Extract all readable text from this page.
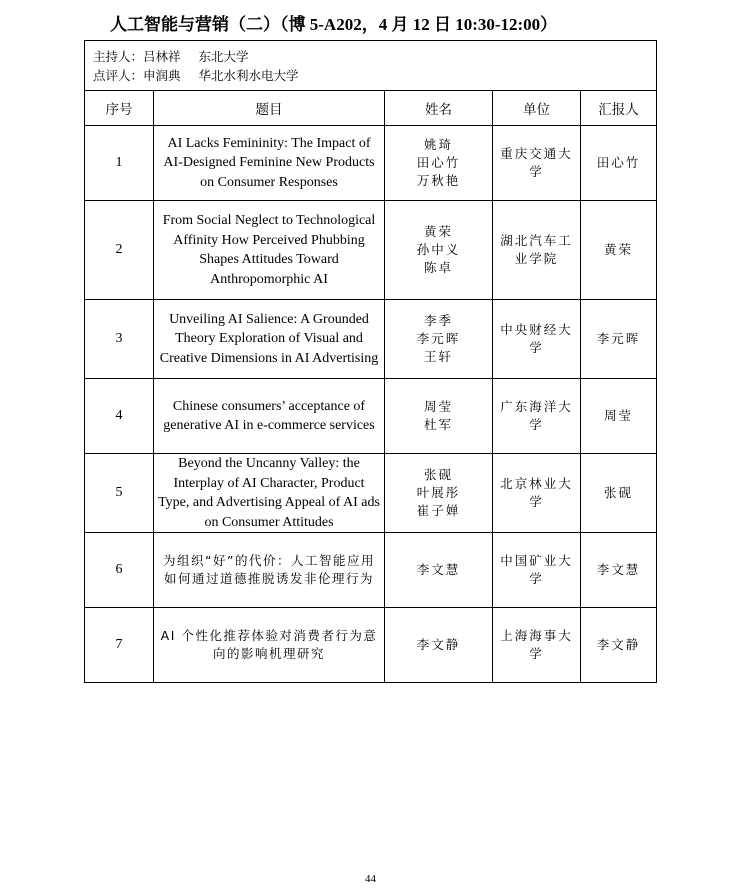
人工智能与营销（二）（博 5-A202，4 月 12 日 10:30-12:00）
主持人：吕林祥 东北大学
点评人：申润典 华北水利水电大学				

序号	题目	姓名	单位	汇报人
1	AI Lacks Femininity: The Impact of AI-Designed Feminine New Products on Consumer Responses	姚琦
田心竹
万秋艳	重庆交通大学	田心竹
2	From Social Neglect to Technological Affinity How Perceived Phubbing Shapes Attitudes Toward Anthropomorphic AI	黄荣
孙中义
陈卓	湖北汽车工业学院	黄荣
3	Unveiling AI Salience: A Grounded Theory Exploration of Visual and Creative Dimensions in AI Advertising	李季
李元晖
王轩	中央财经大学	李元晖
4	Chinese consumers’ acceptance of generative AI in e-commerce services	周莹
杜军	广东海洋大学	周莹
5	Beyond the Uncanny Valley: the Interplay of AI Character, Product Type, and Advertising Appeal of AI ads on Consumer Attitudes	张砚
叶展彤
崔子婵	北京林业大学	张砚
6	为组织“好”的代价：人工智能应用如何通过道德推脱诱发非伦理行为	李文慧	中国矿业大学	李文慧
7	AI 个性化推荐体验对消费者行为意向的影响机理研究	李文静	上海海事大学	李文静
44
